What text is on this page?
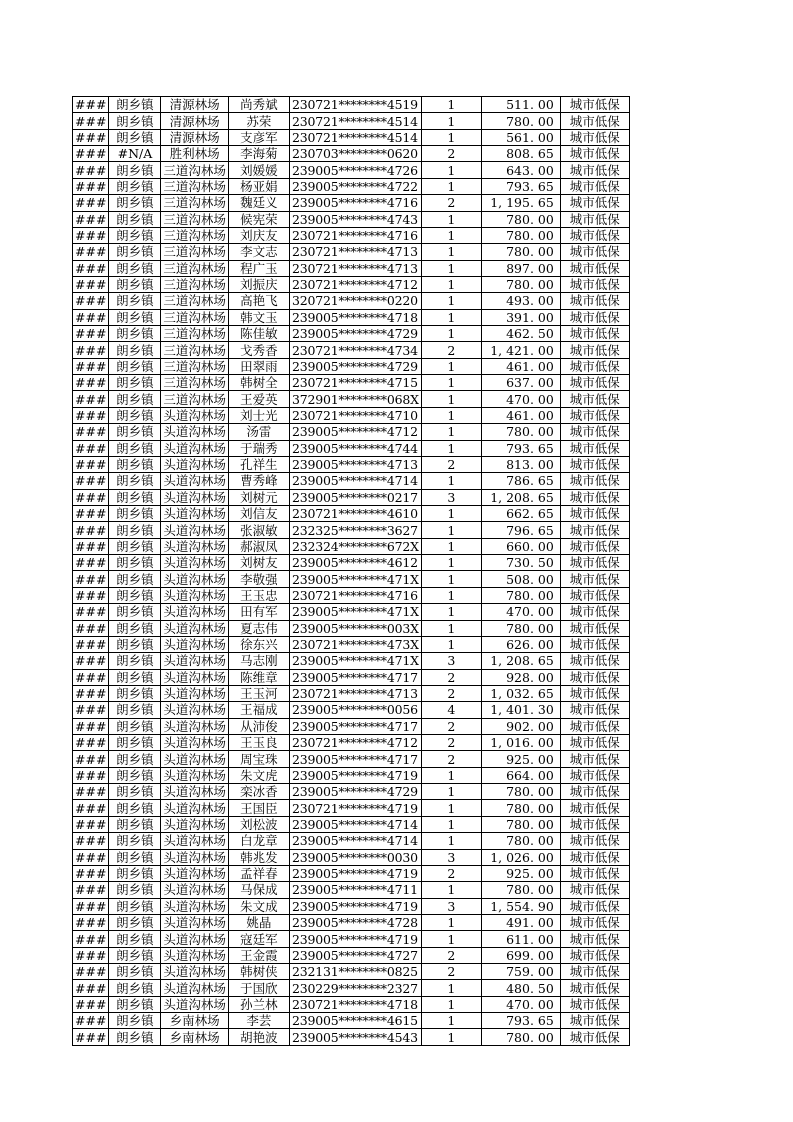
###	朗乡镇	清源林场	尚秀斌	230721********4519	1	511. 00	城市低保
###	朗乡镇	清源林场	苏荣	230721********4514	1	780. 00	城市低保
###	朗乡镇	清源林场	支彦军	230721********4514	1	561. 00	城市低保
###	#N/A	胜利林场	李海菊	230703********0620	2	808. 65	城市低保
###	朗乡镇	三道沟林场	刘媛媛	239005********4726	1	643. 00	城市低保
###	朗乡镇	三道沟林场	杨亚娟	239005********4722	1	793. 65	城市低保
###	朗乡镇	三道沟林场	魏廷义	239005********4716	2	1, 195. 65	城市低保
###	朗乡镇	三道沟林场	候宪荣	239005********4743	1	780. 00	城市低保
###	朗乡镇	三道沟林场	刘庆友	230721********4716	1	780. 00	城市低保
###	朗乡镇	三道沟林场	李文志	230721********4713	1	780. 00	城市低保
###	朗乡镇	三道沟林场	程广玉	230721********4713	1	897. 00	城市低保
###	朗乡镇	三道沟林场	刘振庆	230721********4712	1	780. 00	城市低保
###	朗乡镇	三道沟林场	高艳飞	320721********0220	1	493. 00	城市低保
###	朗乡镇	三道沟林场	韩文玉	239005********4718	1	391. 00	城市低保
###	朗乡镇	三道沟林场	陈佳敏	239005********4729	1	462. 50	城市低保
###	朗乡镇	三道沟林场	戈秀香	230721********4734	2	1, 421. 00	城市低保
###	朗乡镇	三道沟林场	田翠雨	239005********4729	1	461. 00	城市低保
###	朗乡镇	三道沟林场	韩树全	230721********4715	1	637. 00	城市低保
###	朗乡镇	三道沟林场	王爱英	372901********068X	1	470. 00	城市低保
###	朗乡镇	头道沟林场	刘士光	230721********4710	1	461. 00	城市低保
###	朗乡镇	头道沟林场	汤雷	239005********4712	1	780. 00	城市低保
###	朗乡镇	头道沟林场	于瑞秀	239005********4744	1	793. 65	城市低保
###	朗乡镇	头道沟林场	孔祥生	239005********4713	2	813. 00	城市低保
###	朗乡镇	头道沟林场	曹秀峰	239005********4714	1	786. 65	城市低保
###	朗乡镇	头道沟林场	刘树元	239005********0217	3	1, 208. 65	城市低保
###	朗乡镇	头道沟林场	刘信友	230721********4610	1	662. 65	城市低保
###	朗乡镇	头道沟林场	张淑敏	232325********3627	1	796. 65	城市低保
###	朗乡镇	头道沟林场	郝淑凤	232324********672X	1	660. 00	城市低保
###	朗乡镇	头道沟林场	刘树友	239005********4612	1	730. 50	城市低保
###	朗乡镇	头道沟林场	李敬强	239005********471X	1	508. 00	城市低保
###	朗乡镇	头道沟林场	王玉忠	230721********4716	1	780. 00	城市低保
###	朗乡镇	头道沟林场	田有军	239005********471X	1	470. 00	城市低保
###	朗乡镇	头道沟林场	夏志伟	239005********003X	1	780. 00	城市低保
###	朗乡镇	头道沟林场	徐东兴	230721********473X	1	626. 00	城市低保
###	朗乡镇	头道沟林场	马志刚	239005********471X	3	1, 208. 65	城市低保
###	朗乡镇	头道沟林场	陈维章	239005********4717	2	928. 00	城市低保
###	朗乡镇	头道沟林场	王玉河	230721********4713	2	1, 032. 65	城市低保
###	朗乡镇	头道沟林场	王福成	239005********0056	4	1, 401. 30	城市低保
###	朗乡镇	头道沟林场	从沛俊	239005********4717	2	902. 00	城市低保
###	朗乡镇	头道沟林场	王玉良	230721********4712	2	1, 016. 00	城市低保
###	朗乡镇	头道沟林场	周宝珠	239005********4717	2	925. 00	城市低保
###	朗乡镇	头道沟林场	朱文虎	239005********4719	1	664. 00	城市低保
###	朗乡镇	头道沟林场	栾冰香	239005********4729	1	780. 00	城市低保
###	朗乡镇	头道沟林场	王国臣	230721********4719	1	780. 00	城市低保
###	朗乡镇	头道沟林场	刘松波	239005********4714	1	780. 00	城市低保
###	朗乡镇	头道沟林场	白龙章	239005********4714	1	780. 00	城市低保
###	朗乡镇	头道沟林场	韩兆发	239005********0030	3	1, 026. 00	城市低保
###	朗乡镇	头道沟林场	孟祥春	239005********4719	2	925. 00	城市低保
###	朗乡镇	头道沟林场	马保成	239005********4711	1	780. 00	城市低保
###	朗乡镇	头道沟林场	朱文成	239005********4719	3	1, 554. 90	城市低保
###	朗乡镇	头道沟林场	姚晶	239005********4728	1	491. 00	城市低保
###	朗乡镇	头道沟林场	寇廷军	239005********4719	1	611. 00	城市低保
###	朗乡镇	头道沟林场	王金霞	239005********4727	2	699. 00	城市低保
###	朗乡镇	头道沟林场	韩树侠	232131********0825	2	759. 00	城市低保
###	朗乡镇	头道沟林场	于国欣	230229********2327	1	480. 50	城市低保
###	朗乡镇	头道沟林场	孙兰林	230721********4718	1	470. 00	城市低保
###	朗乡镇	乡南林场	李芸	239005********4615	1	793. 65	城市低保
###	朗乡镇	乡南林场	胡艳波	239005********4543	1	780. 00	城市低保
